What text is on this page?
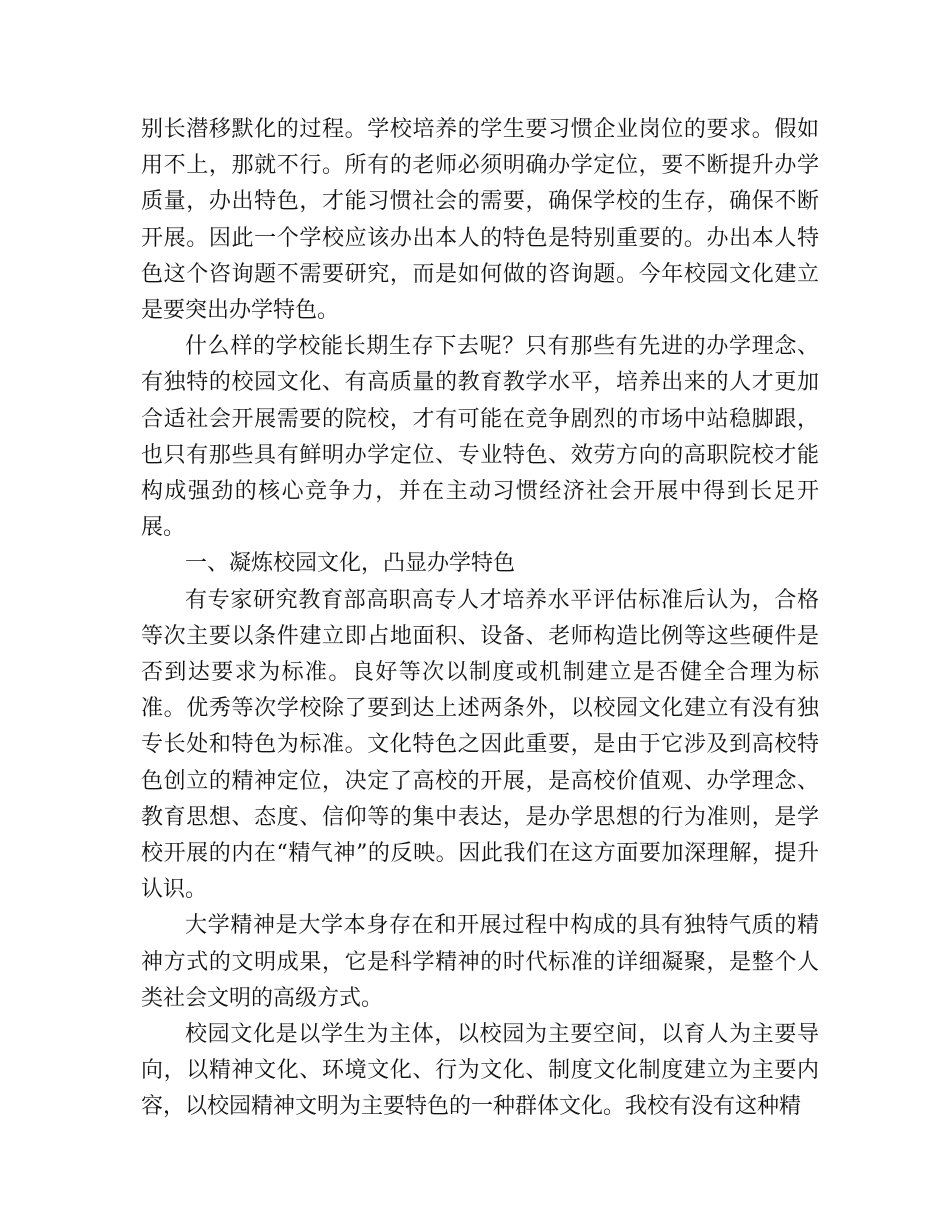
别长潜移默化的过程。学校培养的学生要习惯企业岗位的要求。假如用不上，那就不行。所有的老师必须明确办学定位，要不断提升办学质量，办出特色，才能习惯社会的需要，确保学校的生存，确保不断开展。因此一个学校应该办出本人的特色是特别重要的。办出本人特色这个咨询题不需要研究，而是如何做的咨询题。今年校园文化建立是要突出办学特色。

什么样的学校能长期生存下去呢？只有那些有先进的办学理念、有独特的校园文化、有高质量的教育教学水平，培养出来的人才更加合适社会开展需要的院校，才有可能在竞争剧烈的市场中站稳脚跟，也只有那些具有鲜明办学定位、专业特色、效劳方向的高职院校才能构成强劲的核心竞争力，并在主动习惯经济社会开展中得到长足开展。

一、凝炼校园文化，凸显办学特色

有专家研究教育部高职高专人才培养水平评估标准后认为，合格等次主要以条件建立即占地面积、设备、老师构造比例等这些硬件是否到达要求为标准。良好等次以制度或机制建立是否健全合理为标准。优秀等次学校除了要到达上述两条外，以校园文化建立有没有独专长处和特色为标准。文化特色之因此重要，是由于它涉及到高校特色创立的精神定位，决定了高校的开展，是高校价值观、办学理念、教育思想、态度、信仰等的集中表达，是办学思想的行为准则，是学校开展的内在“精气神”的反映。因此我们在这方面要加深理解，提升认识。

大学精神是大学本身存在和开展过程中构成的具有独特气质的精神方式的文明成果，它是科学精神的时代标准的详细凝聚，是整个人类社会文明的高级方式。

校园文化是以学生为主体，以校园为主要空间，以育人为主要导向，以精神文化、环境文化、行为文化、制度文化制度建立为主要内容，以校园精神文明为主要特色的一种群体文化。我校有没有这种精
